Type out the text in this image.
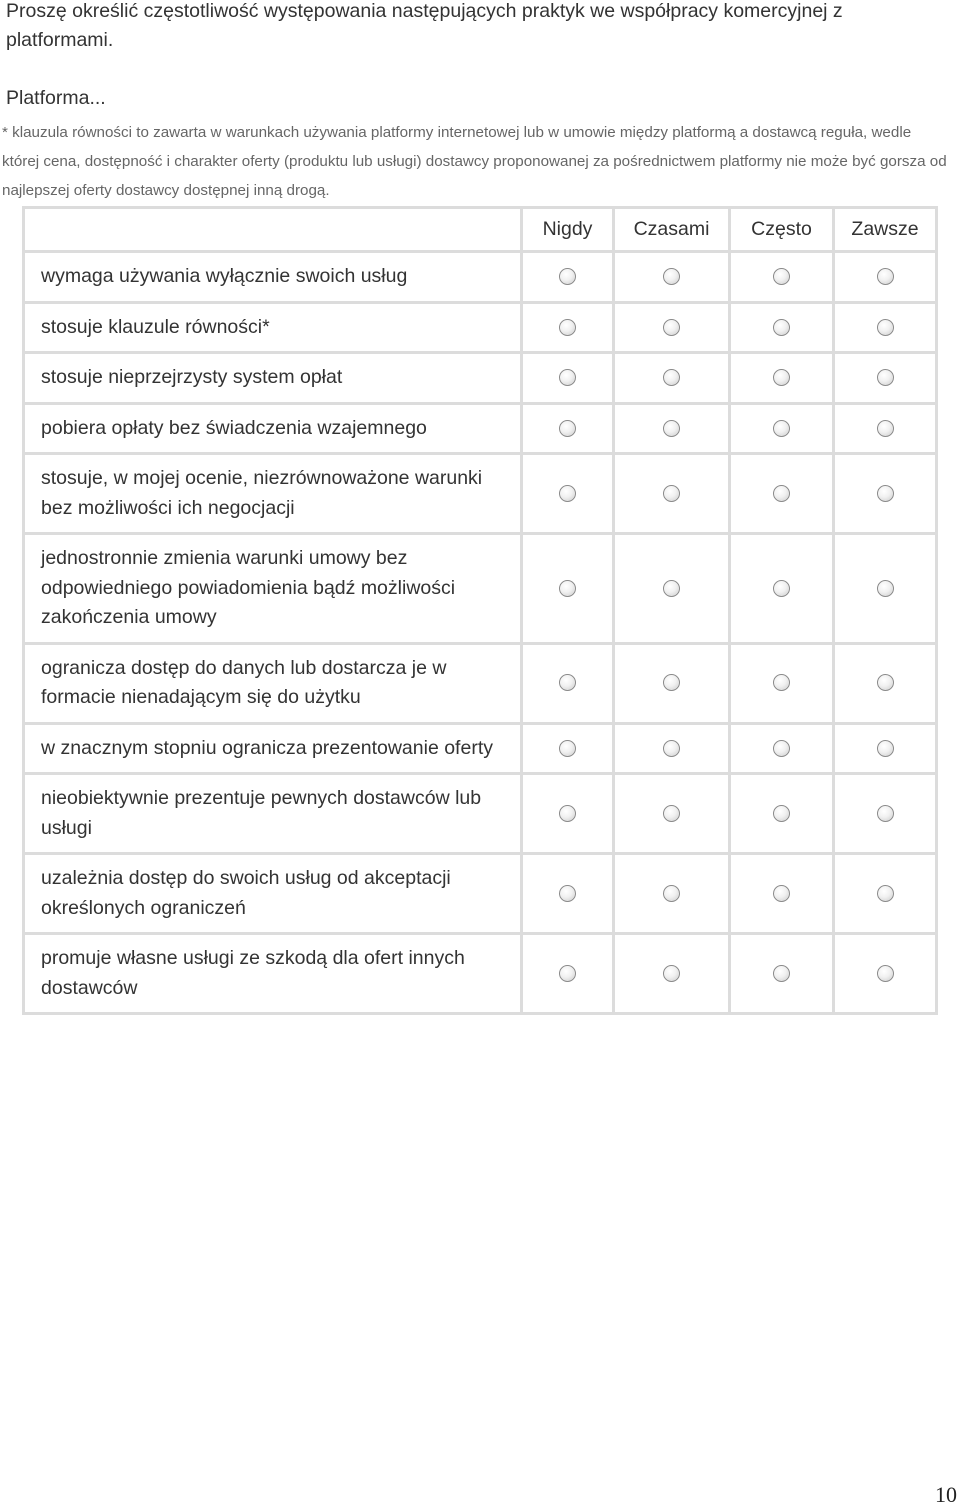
Proszę określić częstotliwość występowania następujących praktyk we współpracy komercyjnej z platformami.
Platforma...
* klauzula równości to zawarta w warunkach używania platformy internetowej lub w umowie między platformą a dostawcą reguła, wedle której cena, dostępność i charakter oferty (produktu lub usługi) dostawcy proponowanej za pośrednictwem platformy nie może być gorsza od najlepszej oferty dostawcy dostępnej inną drogą.
	Nigdy	Czasami	Często	Zawsze
wymaga używania wyłącznie swoich usług				
stosuje klauzule równości*				
stosuje nieprzejrzysty system opłat				
pobiera opłaty bez świadczenia wzajemnego				
stosuje, w mojej ocenie, niezrównoważone warunki bez możliwości ich negocjacji				
jednostronnie zmienia warunki umowy bez odpowiedniego powiadomienia bądź możliwości zakończenia umowy				
ogranicza dostęp do danych lub dostarcza je w formacie nienadającym się do użytku				
w znacznym stopniu ogranicza prezentowanie oferty				
nieobiektywnie prezentuje pewnych dostawców lub usługi				
uzależnia dostęp do swoich usług od akceptacji określonych ograniczeń				
promuje własne usługi ze szkodą dla ofert innych dostawców				
10
